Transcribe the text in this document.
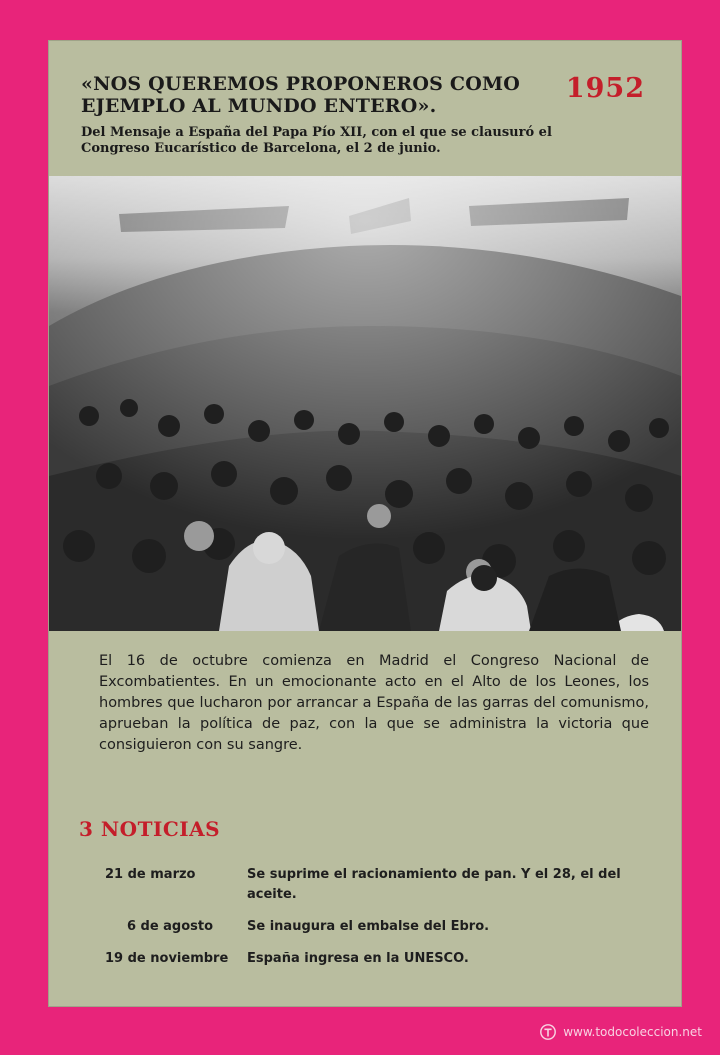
«NOS QUEREMOS PROPONEROS COMO EJEMPLO AL MUNDO ENTERO».
1952
Del Mensaje a España del Papa Pío XII, con el que se clausuró el Congreso Eucarístico de Barcelona, el 2 de junio.
El 16 de octubre comienza en Madrid el Congreso Nacional de Excombatientes. En un emocionante acto en el Alto de los Leones, los hombres que lucharon por arrancar a España de las garras del comunismo, aprueban la política de paz, con la que se administra la victoria que consiguieron con su sangre.
3 NOTICIAS
21 de marzo	Se suprime el racionamiento de pan. Y el 28, el del aceite.
6 de agosto	Se inaugura el embalse del Ebro.
19 de noviembre	España ingresa en la UNESCO.
www.todocoleccion.net
